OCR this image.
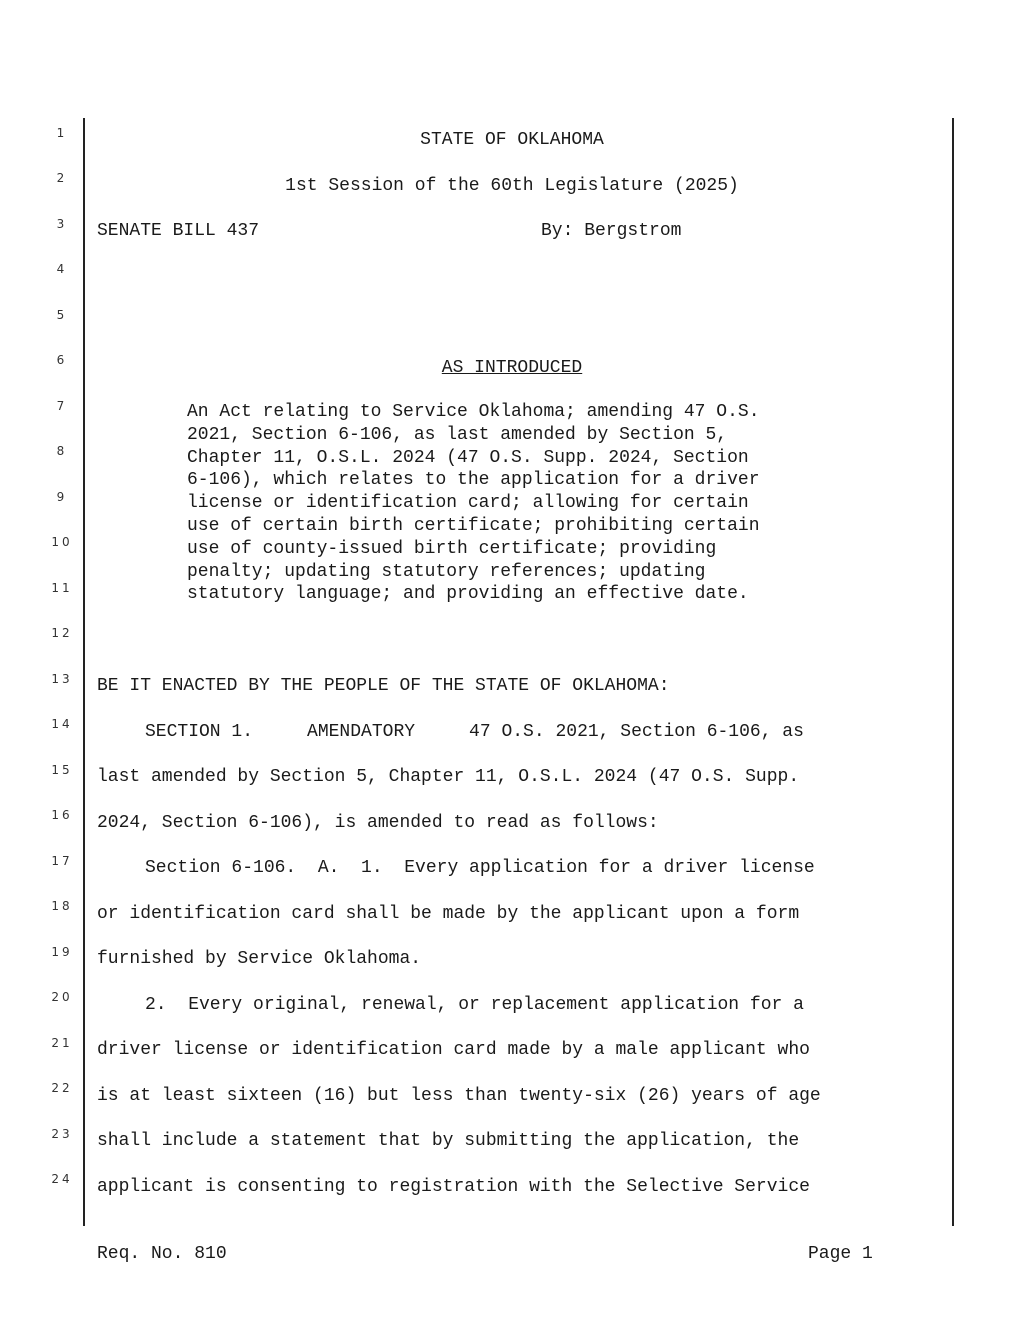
1
2
3
4
5
6
7
8
9
10
11
12
13
14
15
16
17
18
19
20
21
22
23
24
STATE OF OKLAHOMA
1st Session of the 60th Legislature (2025)
SENATE BILL 437	By: Bergstrom
AS INTRODUCED
An Act relating to Service Oklahoma; amending 47 O.S.
2021, Section 6-106, as last amended by Section 5,
Chapter 11, O.S.L. 2024 (47 O.S. Supp. 2024, Section
6-106), which relates to the application for a driver
license or identification card; allowing for certain
use of certain birth certificate; prohibiting certain
use of county-issued birth certificate; providing
penalty; updating statutory references; updating
statutory language; and providing an effective date.
BE IT ENACTED BY THE PEOPLE OF THE STATE OF OKLAHOMA:
SECTION 1.     AMENDATORY     47 O.S. 2021, Section 6-106, as
last amended by Section 5, Chapter 11, O.S.L. 2024 (47 O.S. Supp.
2024, Section 6-106), is amended to read as follows:
Section 6-106.  A.  1.  Every application for a driver license
or identification card shall be made by the applicant upon a form
furnished by Service Oklahoma.
2.  Every original, renewal, or replacement application for a
driver license or identification card made by a male applicant who
is at least sixteen (16) but less than twenty-six (26) years of age
shall include a statement that by submitting the application, the
applicant is consenting to registration with the Selective Service
Req. No. 810	Page 1
